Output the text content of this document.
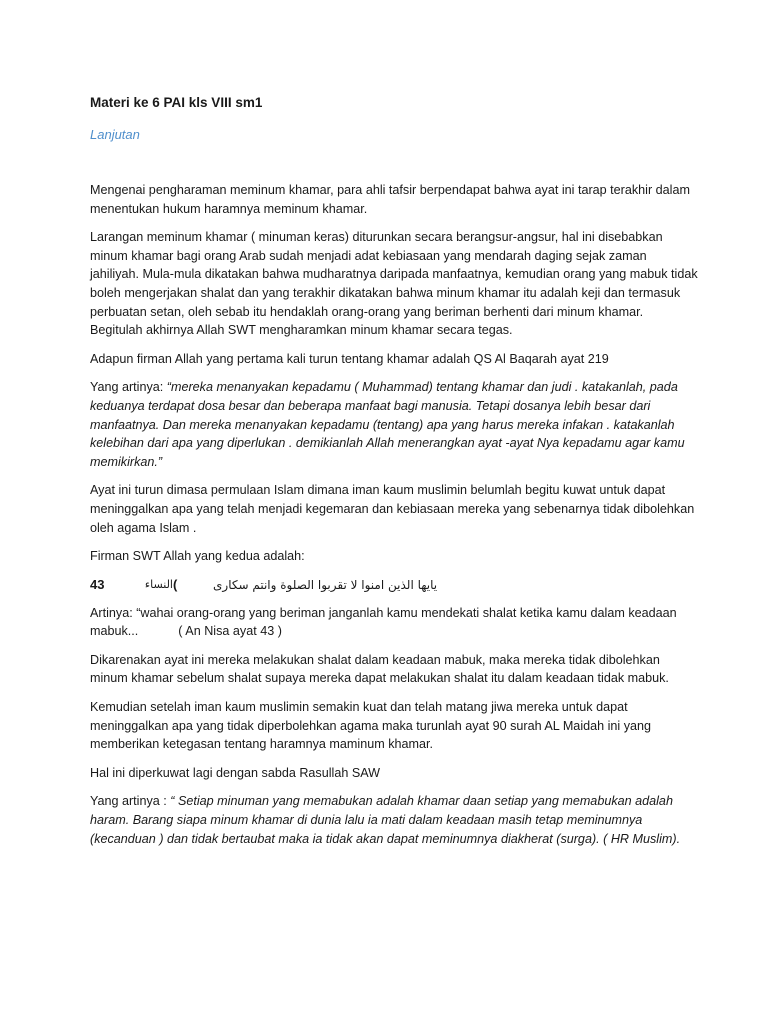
Materi ke 6 PAI kls VIII sm1

Lanjutan

Mengenai pengharaman meminum khamar, para ahli tafsir berpendapat bahwa ayat ini tarap terakhir dalam menentukan hukum haramnya meminum khamar.

Larangan meminum khamar ( minuman keras) diturunkan secara berangsur-angsur, hal ini disebabkan minum khamar bagi orang Arab sudah menjadi adat kebiasaan yang mendarah daging sejak zaman jahiliyah. Mula-mula dikatakan bahwa mudharatnya daripada manfaatnya, kemudian orang yang mabuk tidak boleh mengerjakan shalat dan yang terakhir dikatakan bahwa minum khamar itu adalah keji dan termasuk perbuatan setan, oleh sebab itu hendaklah orang-orang yang beriman berhenti dari minum khamar. Begitulah akhirnya Allah SWT mengharamkan minum khamar secara tegas.

Adapun firman Allah yang pertama kali turun tentang khamar adalah QS Al Baqarah ayat 219

Yang artinya: “mereka menanyakan kepadamu ( Muhammad) tentang khamar dan judi . katakanlah, pada keduanya terdapat dosa besar dan beberapa manfaat bagi manusia. Tetapi dosanya lebih besar dari manfaatnya. Dan mereka menanyakan kepadamu (tentang) apa yang harus mereka infakan . katakanlah kelebihan dari apa yang diperlukan . demikianlah Allah menerangkan ayat -ayat Nya kepadamu agar kamu memikirkan.”

Ayat ini turun dimasa permulaan Islam dimana iman kaum muslimin belumlah begitu kuwat untuk dapat meninggalkan apa yang telah menjadi kegemaran dan kebiasaan mereka yang sebenarnya tidak dibolehkan oleh agama Islam .

Firman SWT Allah yang kedua adalah:

43	النساء (	يايها الذين امنوا لا تقربوا الصلوة وانتم سكارى

Artinya: “wahai orang-orang yang beriman janganlah kamu mendekati shalat ketika kamu dalam keadaan mabuk...	( An Nisa ayat 43 )

Dikarenakan ayat ini mereka melakukan shalat dalam keadaan mabuk, maka mereka tidak dibolehkan minum khamar sebelum shalat supaya mereka dapat melakukan shalat itu dalam keadaan tidak mabuk.

Kemudian setelah iman kaum muslimin semakin kuat dan telah matang jiwa mereka untuk dapat meninggalkan apa yang tidak diperbolehkan agama maka turunlah ayat 90 surah AL Maidah ini yang memberikan ketegasan tentang haramnya maminum khamar.

Hal ini diperkuwat lagi dengan sabda Rasullah SAW

Yang artinya : “ Setiap minuman yang memabukan adalah khamar daan setiap yang memabukan adalah haram. Barang siapa minum khamar di dunia lalu ia mati dalam keadaan masih tetap meminumnya (kecanduan ) dan tidak bertaubat maka ia tidak akan dapat meminumnya diakherat (surga). ( HR Muslim).
